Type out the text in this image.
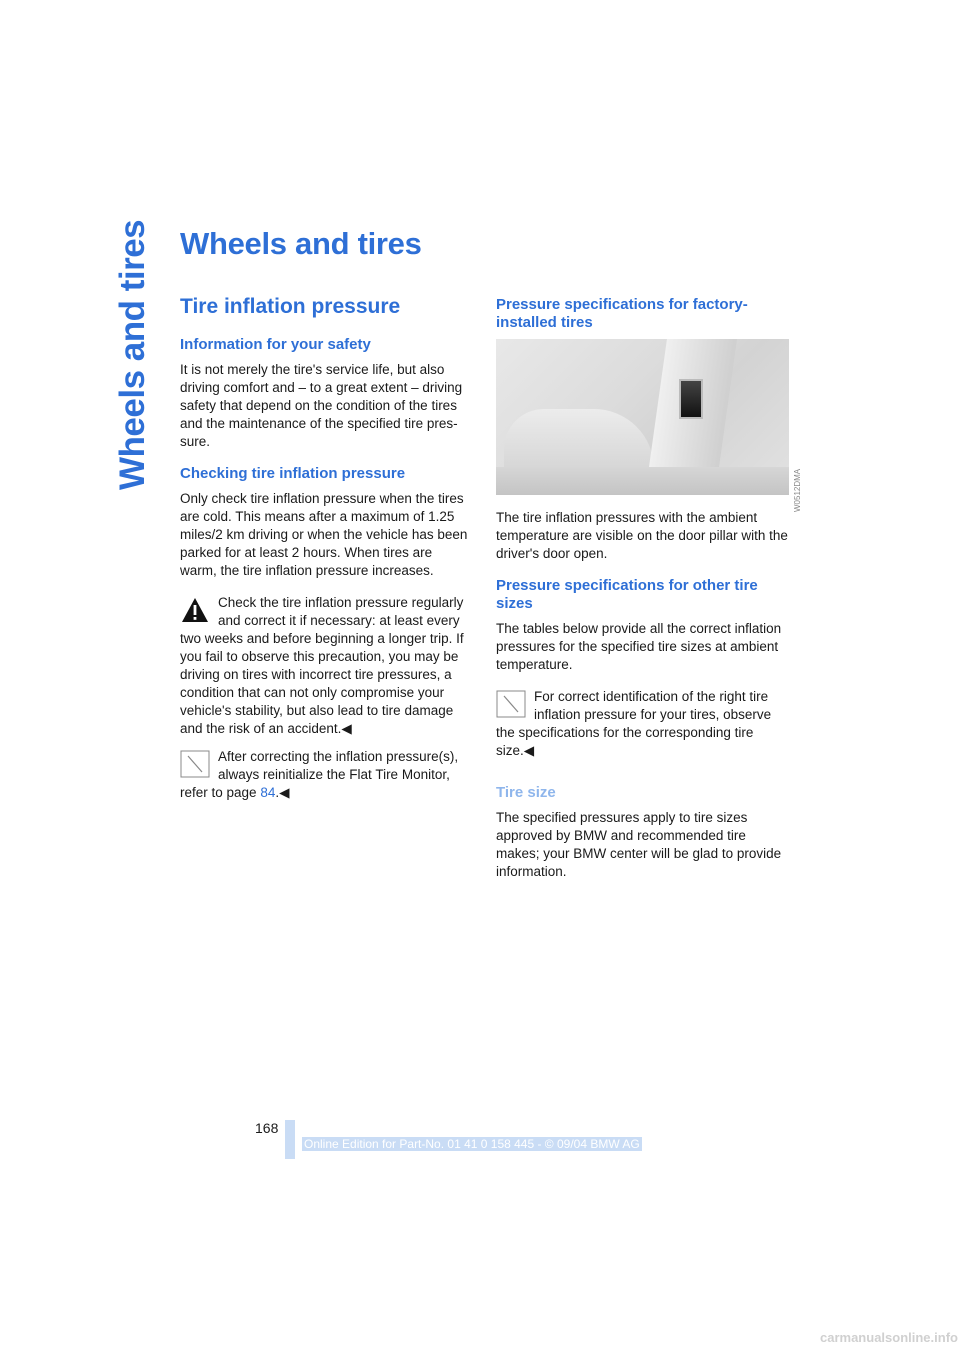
Wheels and tires Wheels and tires
Tire inflation pressure
Information for your safety

It is not merely the tire's service life, but also driving comfort and – to a great extent – driving safety that depend on the condition of the tires and the maintenance of the specified tire pres-sure.

Checking tire inflation pressure

Only check tire inflation pressure when the tires are cold. This means after a maximum of 1.25 miles/2 km driving or when the vehicle has been parked for at least 2 hours. When tires are warm, the tire inflation pressure increases.

Check the tire inflation pressure regularly and correct it if necessary: at least every
two weeks and before beginning a longer trip. If you fail to observe this precaution, you may be driving on tires with incorrect tire pressures, a condition that can not only compromise your vehicle's stability, but also lead to tire damage and the risk of an accident.◀
After correcting the inflation pressure(s), always reinitialize the Flat Tire Monitor,
refer to page 84.◀
Pressure specifications for factory-installed tires

The tire inflation pressures with the ambient temperature are visible on the door pillar with the driver's door open.

Pressure specifications for other tire sizes

The tables below provide all the correct inflation pressures for the specified tire sizes at ambient temperature.

For correct identification of the right tire inflation pressure for your tires, observe
the specifications for the corresponding tire size.◀
Tire size

The specified pressures apply to tire sizes approved by BMW and recommended tire makes; your BMW center will be glad to provide information.

W0512DMA
168
Online Edition for Part-No. 01 41 0 158 445 - © 09/04 BMW AG
carmanualsonline.info
